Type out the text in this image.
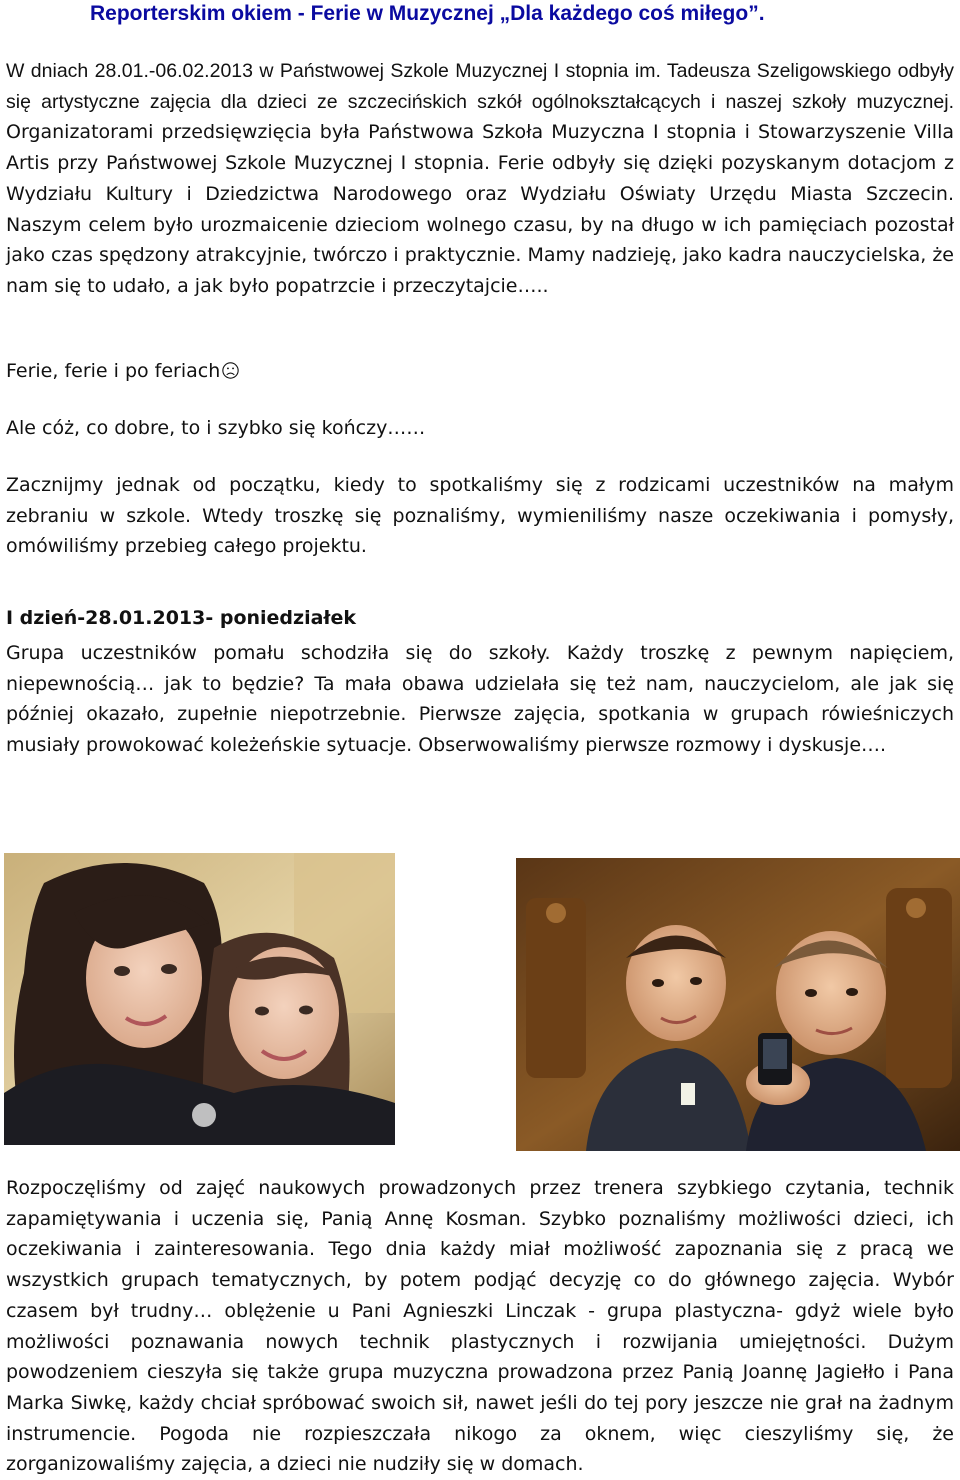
Reporterskim okiem - Ferie w Muzycznej „Dla każdego coś miłego”.

W dniach 28.01.-06.02.2013 w Państwowej Szkole Muzycznej I stopnia im. Tadeusza Szeligowskiego odbyły się artystyczne zajęcia dla dzieci ze szczecińskich szkół ogólnokształcących i naszej szkoły muzycznej. Organizatorami przedsięwzięcia była Państwowa Szkoła Muzyczna I stopnia i Stowarzyszenie Villa Artis przy Państwowej Szkole Muzycznej I stopnia. Ferie odbyły się dzięki pozyskanym dotacjom z Wydziału Kultury i Dziedzictwa Narodowego oraz Wydziału Oświaty Urzędu Miasta Szczecin. Naszym celem było urozmaicenie dzieciom wolnego czasu, by na długo w ich pamięciach pozostał jako czas spędzony atrakcyjnie, twórczo i praktycznie. Mamy nadzieję, jako kadra nauczycielska, że nam się to udało, a jak było popatrzcie i przeczytajcie…..

Ferie, ferie i po feriach

Ale cóż, co dobre, to i szybko się kończy……

Zacznijmy jednak od początku, kiedy to spotkaliśmy się z rodzicami uczestników na małym zebraniu w szkole. Wtedy troszkę się poznaliśmy, wymieniliśmy nasze oczekiwania i pomysły, omówiliśmy przebieg całego projektu.

I dzień-28.01.2013- poniedziałek

Grupa uczestników pomału schodziła się do szkoły. Każdy troszkę z pewnym napięciem, niepewnością… jak to będzie? Ta mała obawa udzielała się też nam, nauczycielom, ale jak się później okazało, zupełnie niepotrzebnie. Pierwsze zajęcia, spotkania w grupach rówieśniczych musiały prowokować koleżeńskie sytuacje. Obserwowaliśmy pierwsze rozmowy i dyskusje….

Rozpoczęliśmy od zajęć naukowych prowadzonych przez trenera szybkiego czytania, technik zapamiętywania i uczenia się, Panią Annę Kosman. Szybko poznaliśmy możliwości dzieci, ich oczekiwania i zainteresowania. Tego dnia każdy miał możliwość zapoznania się z pracą we wszystkich grupach tematycznych, by potem podjąć decyzję co do głównego zajęcia. Wybór czasem był trudny… oblężenie u Pani Agnieszki Linczak - grupa plastyczna- gdyż wiele było możliwości poznawania nowych technik plastycznych i rozwijania umiejętności. Dużym powodzeniem cieszyła się także grupa muzyczna prowadzona przez Panią Joannę Jagiełło i Pana Marka Siwkę, każdy chciał spróbować swoich sił, nawet jeśli do tej pory jeszcze nie grał na żadnym instrumencie. Pogoda nie rozpieszczała nikogo za oknem, więc cieszyliśmy się, że zorganizowaliśmy zajęcia, a dzieci nie nudziły się w domach.
